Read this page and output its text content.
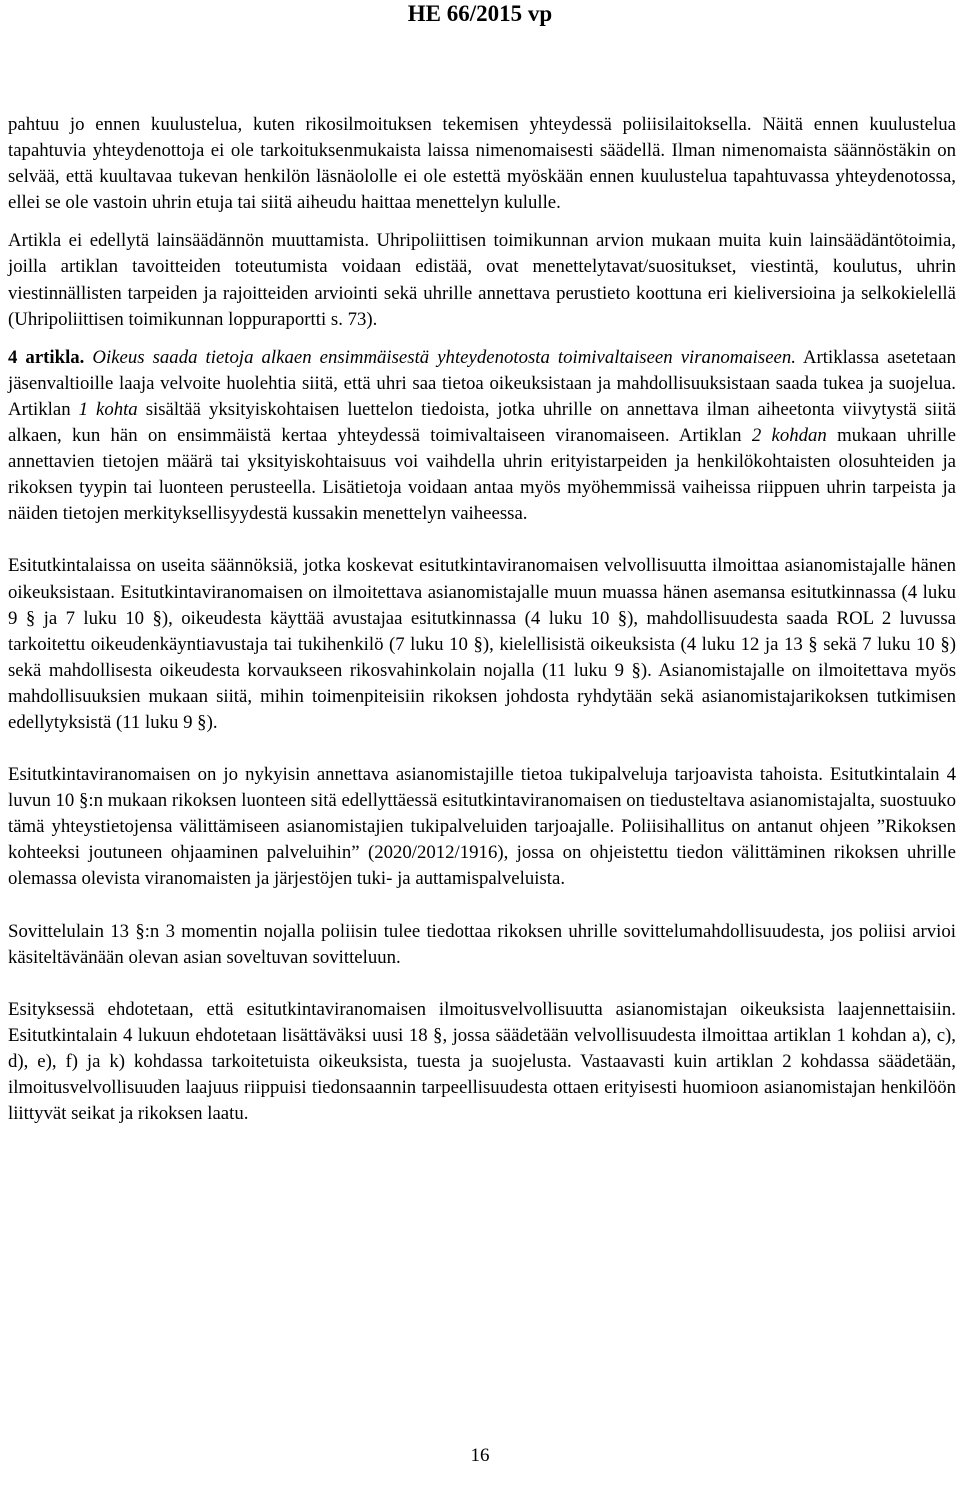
HE 66/2015 vp

pahtuu jo ennen kuulustelua, kuten rikosilmoituksen tekemisen yhteydessä poliisilaitoksella. Näitä ennen kuulustelua tapahtuvia yhteydenottoja ei ole tarkoituksenmukaista laissa nimenomaisesti säädellä. Ilman nimenomaista säännöstäkin on selvää, että kuultavaa tukevan henkilön läsnäololle ei ole estettä myöskään ennen kuulustelua tapahtuvassa yhteydenotossa, ellei se ole vastoin uhrin etuja tai siitä aiheudu haittaa menettelyn kululle.

Artikla ei edellytä lainsäädännön muuttamista. Uhripoliittisen toimikunnan arvion mukaan muita kuin lainsäädäntötoimia, joilla artiklan tavoitteiden toteutumista voidaan edistää, ovat menettelytavat/suositukset, viestintä, koulutus, uhrin viestinnällisten tarpeiden ja rajoitteiden arviointi sekä uhrille annettava perustieto koottuna eri kieliversioina ja selkokielellä (Uhripoliittisen toimikunnan loppuraportti s. 73).

4 artikla. Oikeus saada tietoja alkaen ensimmäisestä yhteydenotosta toimivaltaiseen viranomaiseen. Artiklassa asetetaan jäsenvaltioille laaja velvoite huolehtia siitä, että uhri saa tietoa oikeuksistaan ja mahdollisuuksistaan saada tukea ja suojelua. Artiklan 1 kohta sisältää yksityiskohtaisen luettelon tiedoista, jotka uhrille on annettava ilman aiheetonta viivytystä siitä alkaen, kun hän on ensimmäistä kertaa yhteydessä toimivaltaiseen viranomaiseen. Artiklan 2 kohdan mukaan uhrille annettavien tietojen määrä tai yksityiskohtaisuus voi vaihdella uhrin erityistarpeiden ja henkilökohtaisten olosuhteiden ja rikoksen tyypin tai luonteen perusteella. Lisätietoja voidaan antaa myös myöhemmissä vaiheissa riippuen uhrin tarpeista ja näiden tietojen merkityksellisyydestä kussakin menettelyn vaiheessa.

Esitutkintalaissa on useita säännöksiä, jotka koskevat esitutkintaviranomaisen velvollisuutta ilmoittaa asianomistajalle hänen oikeuksistaan. Esitutkintaviranomaisen on ilmoitettava asianomistajalle muun muassa hänen asemansa esitutkinnassa (4 luku 9 § ja 7 luku 10 §), oikeudesta käyttää avustajaa esitutkinnassa (4 luku 10 §), mahdollisuudesta saada ROL 2 luvussa tarkoitettu oikeudenkäyntiavustaja tai tukihenkilö (7 luku 10 §), kielellisistä oikeuksista (4 luku 12 ja 13 § sekä 7 luku 10 §) sekä mahdollisesta oikeudesta korvaukseen rikosvahinkolain nojalla (11 luku 9 §). Asianomistajalle on ilmoitettava myös mahdollisuuksien mukaan siitä, mihin toimenpiteisiin rikoksen johdosta ryhdytään sekä asianomistajarikoksen tutkimisen edellytyksistä (11 luku 9 §).

Esitutkintaviranomaisen on jo nykyisin annettava asianomistajille tietoa tukipalveluja tarjoavista tahoista. Esitutkintalain 4 luvun 10 §:n mukaan rikoksen luonteen sitä edellyttäessä esitutkintaviranomaisen on tiedusteltava asianomistajalta, suostuuko tämä yhteystietojensa välittämiseen asianomistajien tukipalveluiden tarjoajalle. Poliisihallitus on antanut ohjeen ”Rikoksen kohteeksi joutuneen ohjaaminen palveluihin” (2020/2012/1916), jossa on ohjeistettu tiedon välittäminen rikoksen uhrille olemassa olevista viranomaisten ja järjestöjen tuki- ja auttamispalveluista.

Sovittelulain 13 §:n 3 momentin nojalla poliisin tulee tiedottaa rikoksen uhrille sovittelumahdollisuudesta, jos poliisi arvioi käsiteltävänään olevan asian soveltuvan sovitteluun.

Esityksessä ehdotetaan, että esitutkintaviranomaisen ilmoitusvelvollisuutta asianomistajan oikeuksista laajennettaisiin. Esitutkintalain 4 lukuun ehdotetaan lisättäväksi uusi 18 §, jossa säädetään velvollisuudesta ilmoittaa artiklan 1 kohdan a), c), d), e), f) ja k) kohdassa tarkoitetuista oikeuksista, tuesta ja suojelusta. Vastaavasti kuin artiklan 2 kohdassa säädetään, ilmoitusvelvollisuuden laajuus riippuisi tiedonsaannin tarpeellisuudesta ottaen erityisesti huomioon asianomistajan henkilöön liittyvät seikat ja rikoksen laatu.

16
